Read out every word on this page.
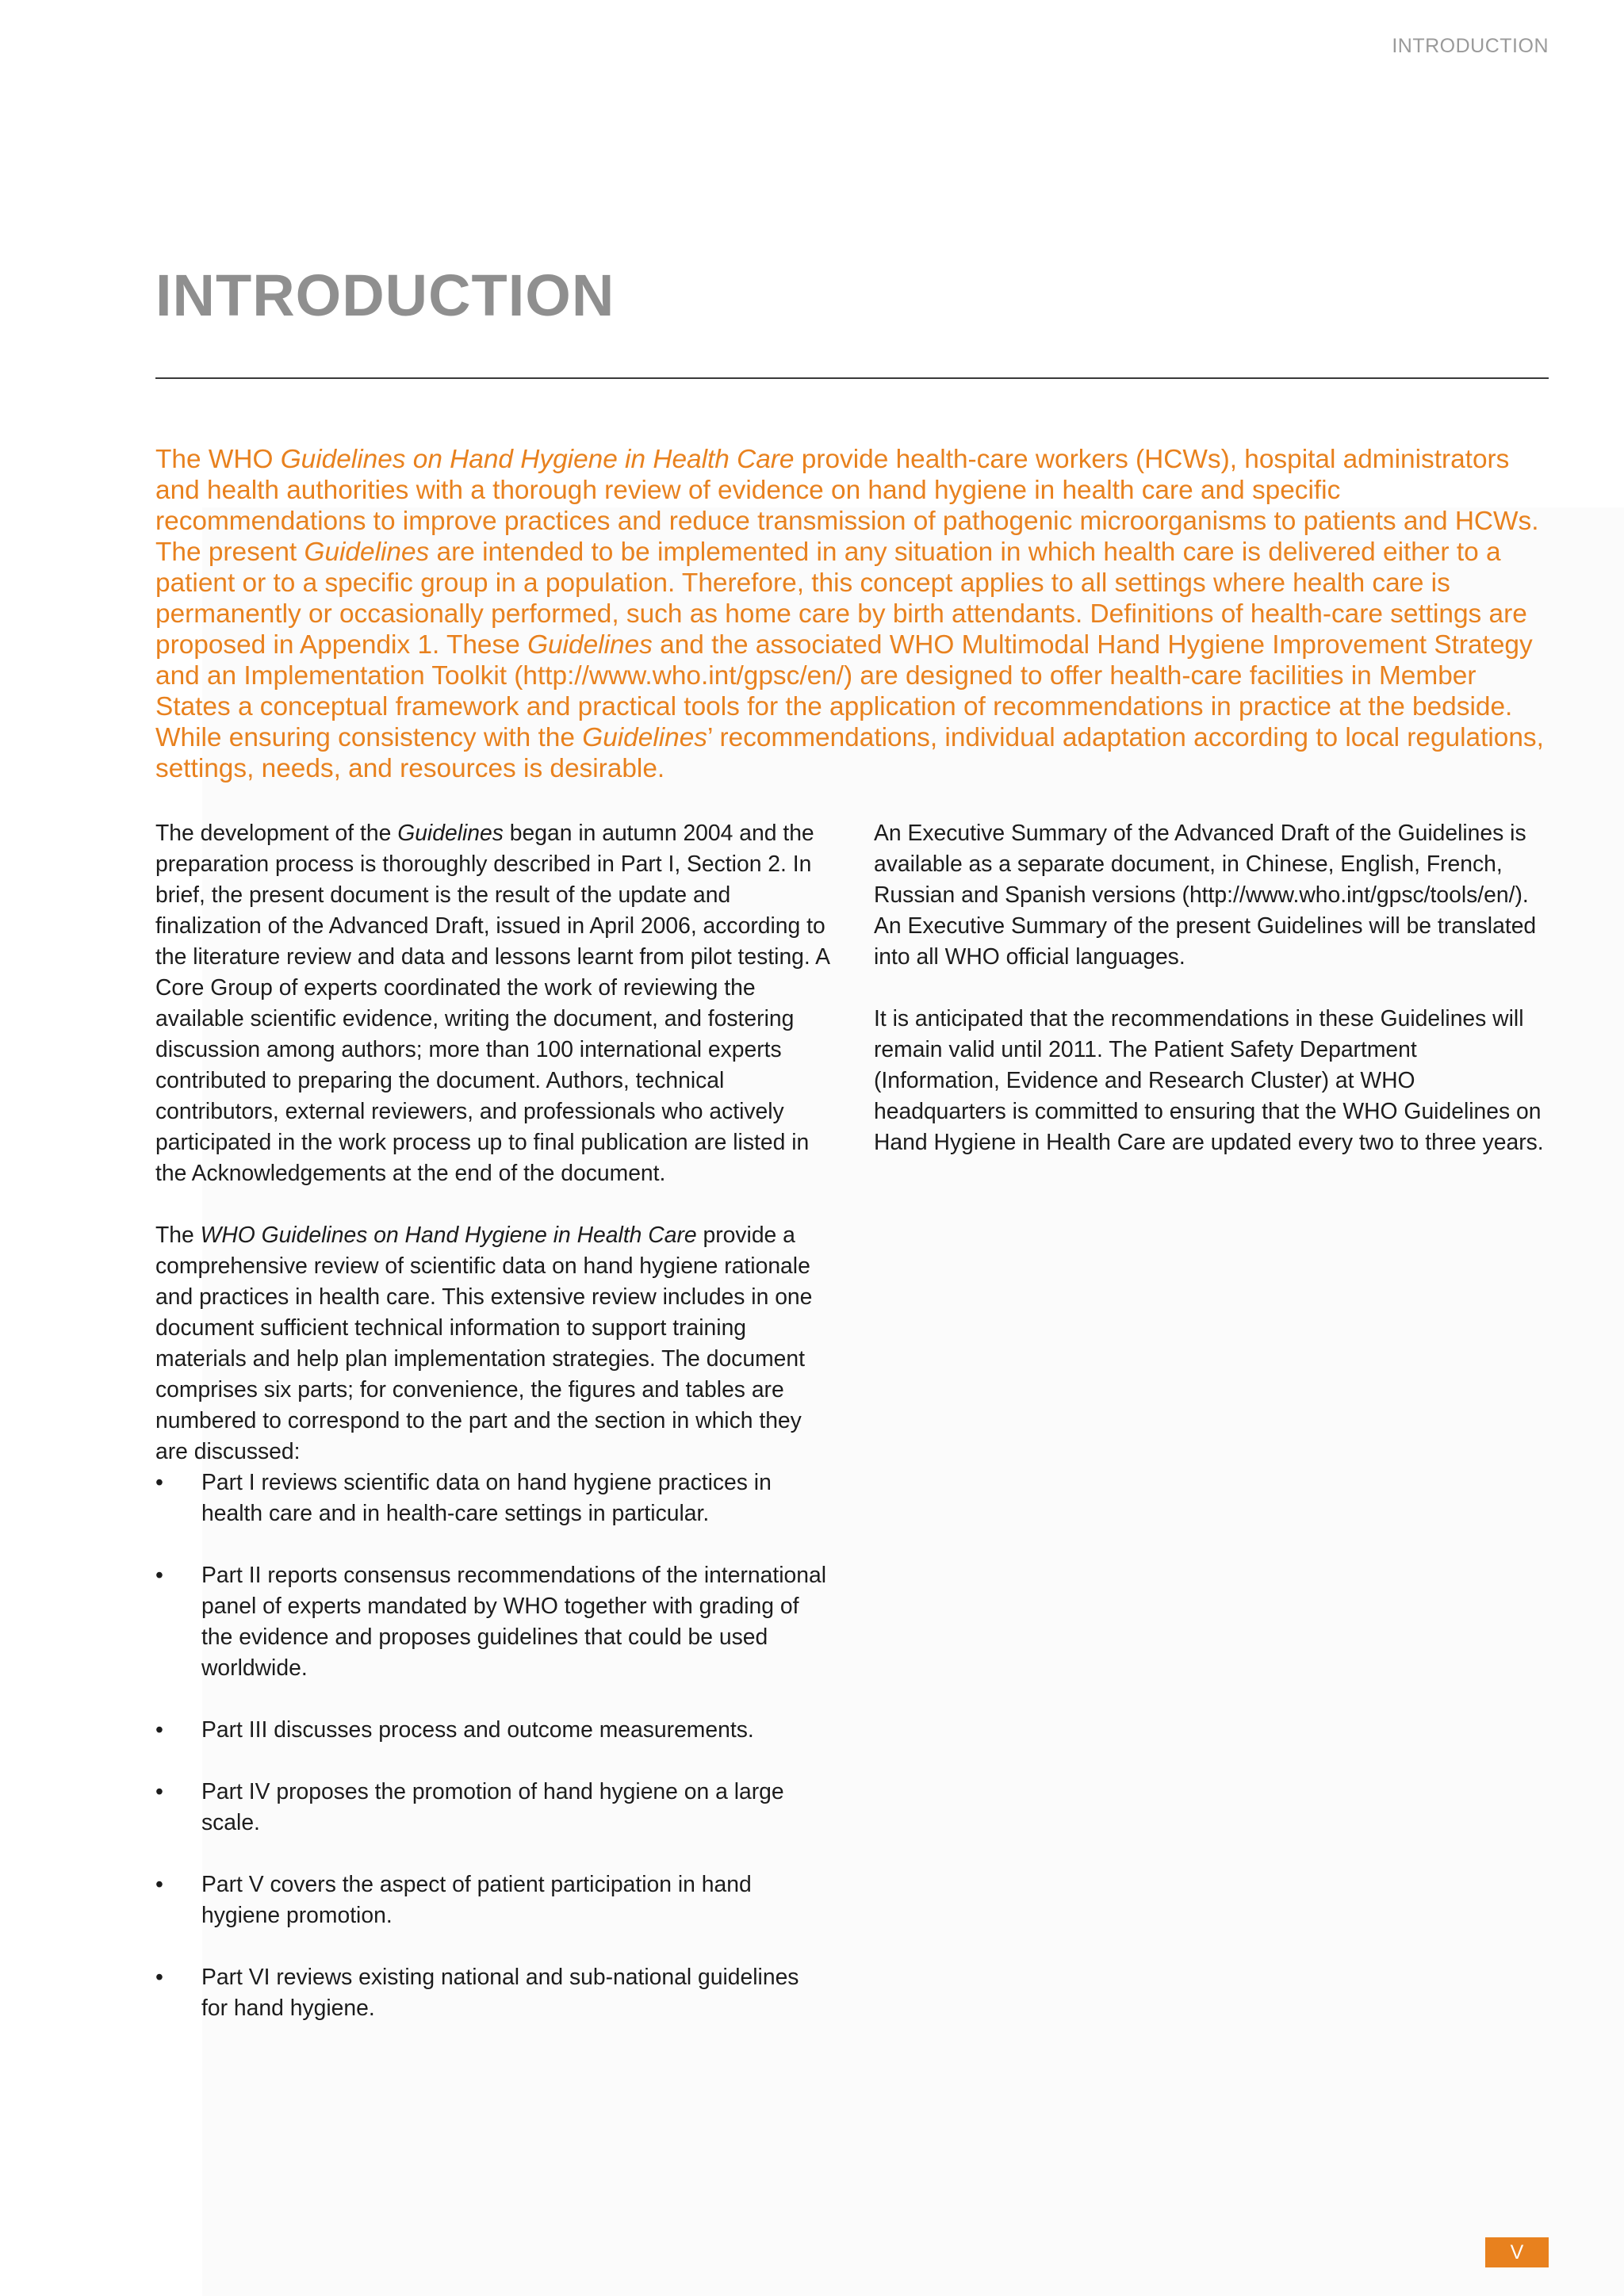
INTRODUCTION
INTRODUCTION

The WHO Guidelines on Hand Hygiene in Health Care provide health-care workers (HCWs), hospital administrators and health authorities with a thorough review of evidence on hand hygiene in health care and specific recommendations to improve practices and reduce transmission of pathogenic microorganisms to patients and HCWs. The present Guidelines are intended to be implemented in any situation in which health care is delivered either to a patient or to a specific group in a population. Therefore, this concept applies to all settings where health care is permanently or occasionally performed, such as home care by birth attendants. Definitions of health-care settings are proposed in Appendix 1. These Guidelines and the associated WHO Multimodal Hand Hygiene Improvement Strategy and an Implementation Toolkit (http://www.who.int/gpsc/en/) are designed to offer health-care facilities in Member States a conceptual framework and practical tools for the application of recommendations in practice at the bedside. While ensuring consistency with the Guidelines’ recommendations, individual adaptation according to local regulations, settings, needs, and resources is desirable.

The development of the Guidelines began in autumn 2004 and the preparation process is thoroughly described in Part I, Section 2. In brief, the present document is the result of the update and finalization of the Advanced Draft, issued in April 2006, according to the literature review and data and lessons learnt from pilot testing. A Core Group of experts coordinated the work of reviewing the available scientific evidence, writing the document, and fostering discussion among authors; more than 100 international experts contributed to preparing the document. Authors, technical contributors, external reviewers, and professionals who actively participated in the work process up to final publication are listed in the Acknowledgements at the end of the document.

The WHO Guidelines on Hand Hygiene in Health Care provide a comprehensive review of scientific data on hand hygiene rationale and practices in health care. This extensive review includes in one document sufficient technical information to support training materials and help plan implementation strategies. The document comprises six parts; for convenience, the figures and tables are numbered to correspond to the part and the section in which they are discussed:

•	Part I reviews scientific data on hand hygiene practices in health care and in health-care settings in particular.
•	Part II reports consensus recommendations of the international panel of experts mandated by WHO together with grading of the evidence and proposes guidelines that could be used worldwide.
•	Part III discusses process and outcome measurements.
•	Part IV proposes the promotion of hand hygiene on a large scale.
•	Part V covers the aspect of patient participation in hand hygiene promotion.
•	Part VI reviews existing national and sub-national guidelines for hand hygiene.

An Executive Summary of the Advanced Draft of the Guidelines is available as a separate document, in Chinese, English, French, Russian and Spanish versions (http://www.who.int/gpsc/tools/en/). An Executive Summary of the present Guidelines will be translated into all WHO official languages.

It is anticipated that the recommendations in these Guidelines will remain valid until 2011. The Patient Safety Department (Information, Evidence and Research Cluster) at WHO headquarters is committed to ensuring that the WHO Guidelines on Hand Hygiene in Health Care are updated every two to three years.

V
